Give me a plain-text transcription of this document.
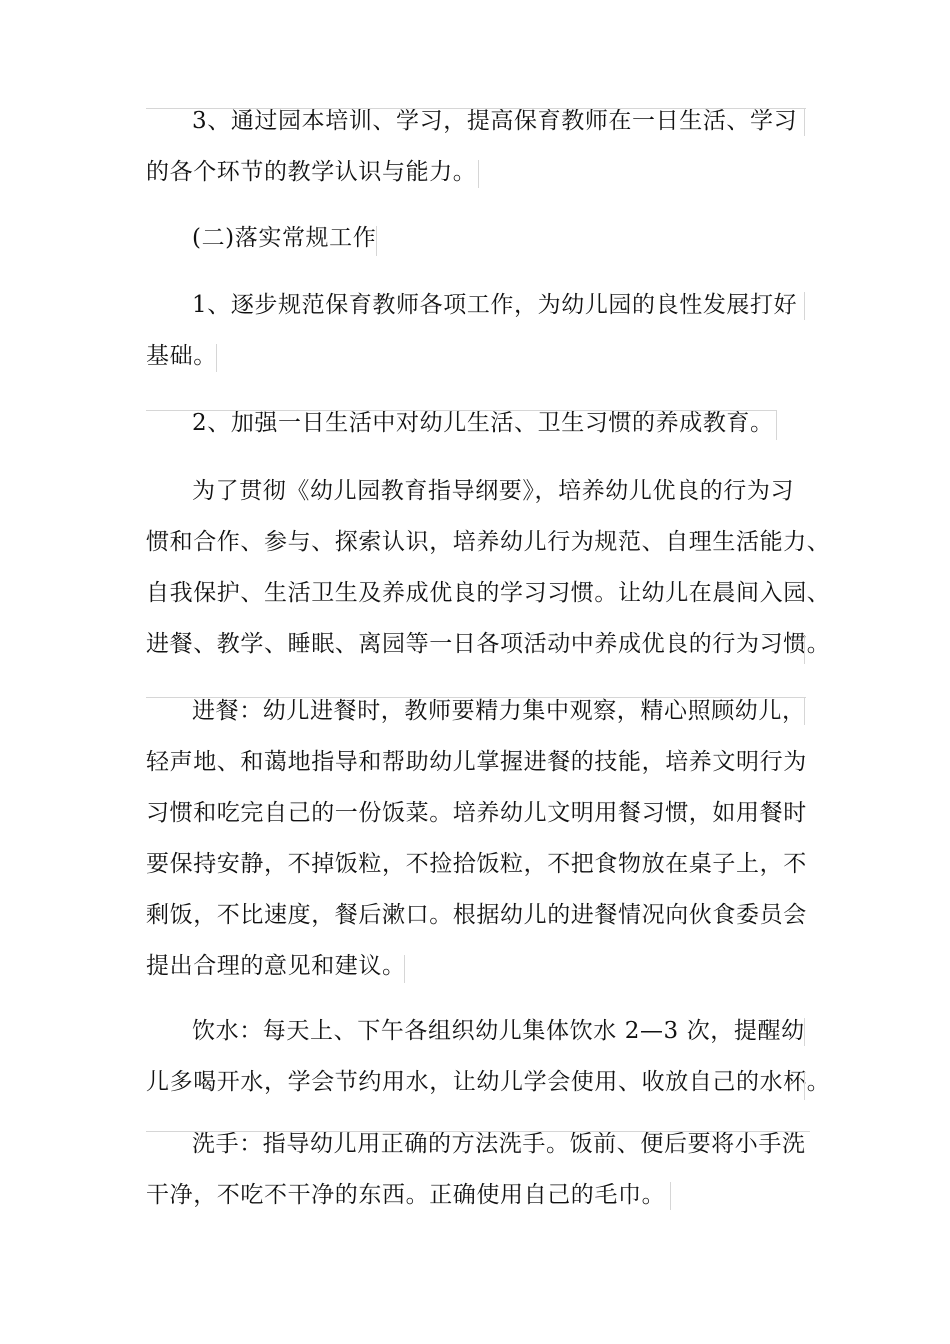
3、通过园本培训、学习，提高保育教师在一日生活、学习
的各个环节的教学认识与能力。
(二)落实常规工作
1、逐步规范保育教师各项工作，为幼儿园的良性发展打好
基础。
2、加强一日生活中对幼儿生活、卫生习惯的养成教育。
为了贯彻《幼儿园教育指导纲要》，培养幼儿优良的行为习
惯和合作、参与、探索认识，培养幼儿行为规范、自理生活能力、
自我保护、生活卫生及养成优良的学习习惯。让幼儿在晨间入园、
进餐、教学、睡眠、离园等一日各项活动中养成优良的行为习惯。
进餐：幼儿进餐时，教师要精力集中观察，精心照顾幼儿，
轻声地、和蔼地指导和帮助幼儿掌握进餐的技能，培养文明行为
习惯和吃完自己的一份饭菜。培养幼儿文明用餐习惯，如用餐时
要保持安静，不掉饭粒，不捡拾饭粒，不把食物放在桌子上，不
剩饭，不比速度，餐后漱口。根据幼儿的进餐情况向伙食委员会
提出合理的意见和建议。
饮水：每天上、下午各组织幼儿集体饮水 2—3 次，提醒幼
儿多喝开水，学会节约用水，让幼儿学会使用、收放自己的水杯。
洗手：指导幼儿用正确的方法洗手。饭前、便后要将小手洗
干净，不吃不干净的东西。正确使用自己的毛巾。
